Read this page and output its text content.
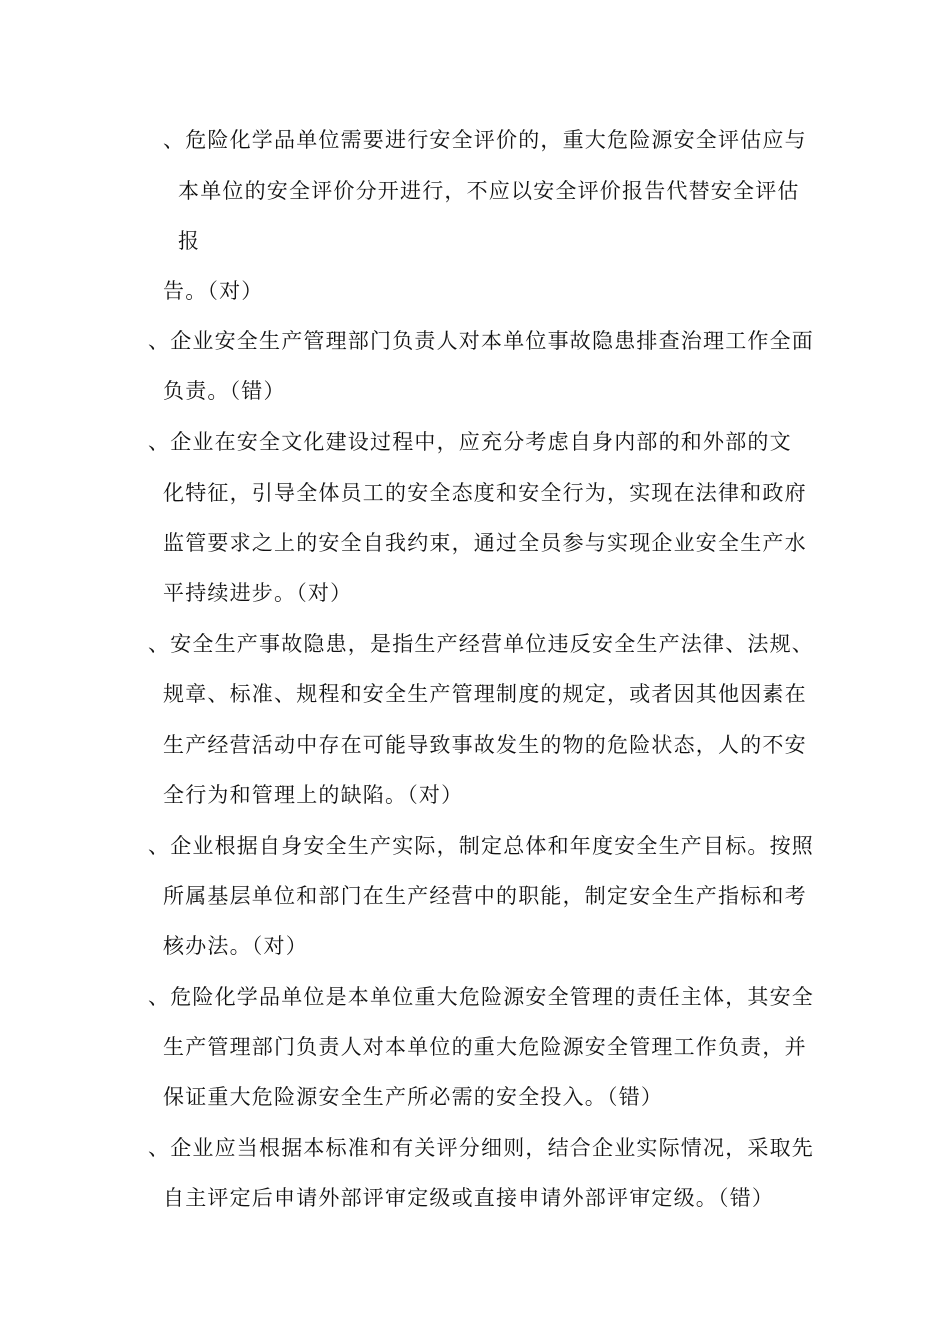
、危险化学品单位需要进行安全评价的，重大危险源安全评估应与
本单位的安全评价分开进行，不应以安全评价报告代替安全评估
报
告。（对）
、企业安全生产管理部门负责人对本单位事故隐患排查治理工作全面
负责。（错）
、企业在安全文化建设过程中，应充分考虑自身内部的和外部的文
化特征，引导全体员工的安全态度和安全行为，实现在法律和政府
监管要求之上的安全自我约束，通过全员参与实现企业安全生产水
平持续进步。（对）
、安全生产事故隐患，是指生产经营单位违反安全生产法律、法规、
规章、标准、规程和安全生产管理制度的规定，或者因其他因素在
生产经营活动中存在可能导致事故发生的物的危险状态，人的不安
全行为和管理上的缺陷。（对）
、企业根据自身安全生产实际，制定总体和年度安全生产目标。按照
所属基层单位和部门在生产经营中的职能，制定安全生产指标和考
核办法。（对）
、危险化学品单位是本单位重大危险源安全管理的责任主体，其安全
生产管理部门负责人对本单位的重大危险源安全管理工作负责，并
保证重大危险源安全生产所必需的安全投入。（错）
、企业应当根据本标准和有关评分细则，结合企业实际情况，采取先
自主评定后申请外部评审定级或直接申请外部评审定级。（错）
